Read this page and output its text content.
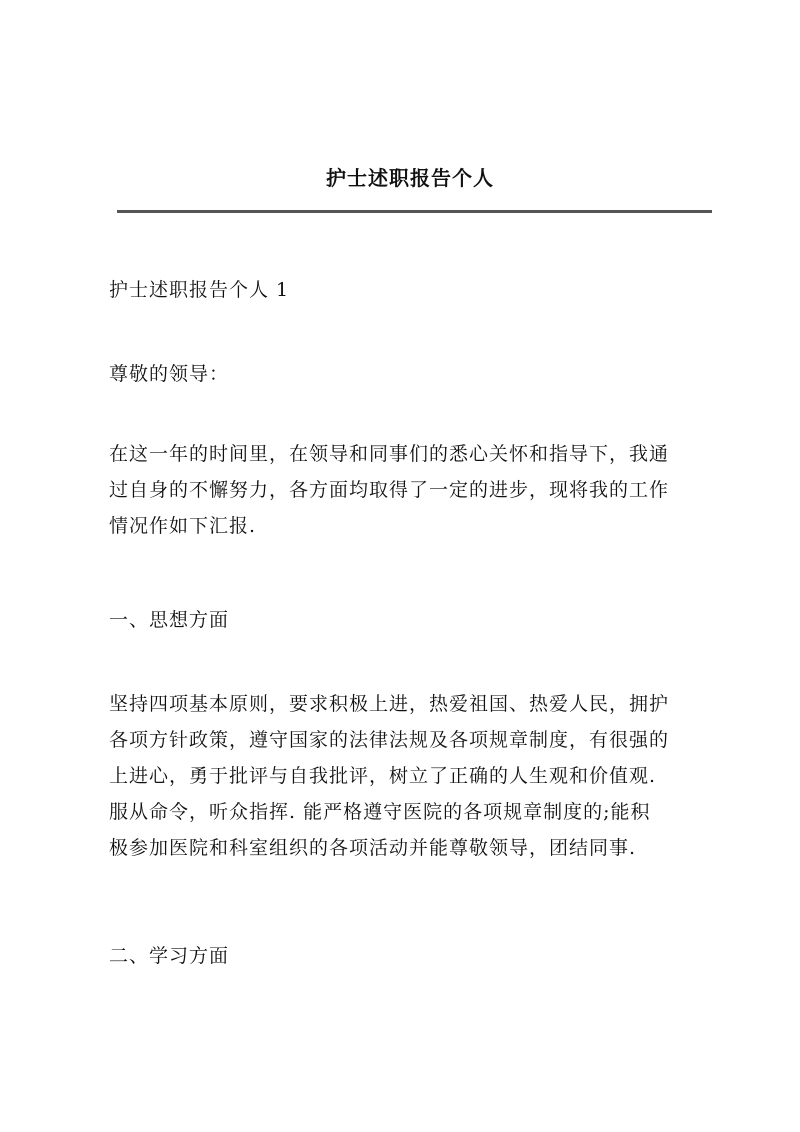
护士述职报告个人

护士述职报告个人 1

尊敬的领导：

在这一年的时间里，在领导和同事们的悉心关怀和指导下，我通
过自身的不懈努力，各方面均取得了一定的进步，现将我的工作
情况作如下汇报.

一、思想方面

坚持四项基本原则，要求积极上进，热爱祖国、热爱人民，拥护
各项方针政策，遵守国家的法律法规及各项规章制度，有很强的
上进心，勇于批评与自我批评，树立了正确的人生观和价值观.
服从命令，听众指挥. 能严格遵守医院的各项规章制度的;能积
极参加医院和科室组织的各项活动并能尊敬领导，团结同事.

二、学习方面
